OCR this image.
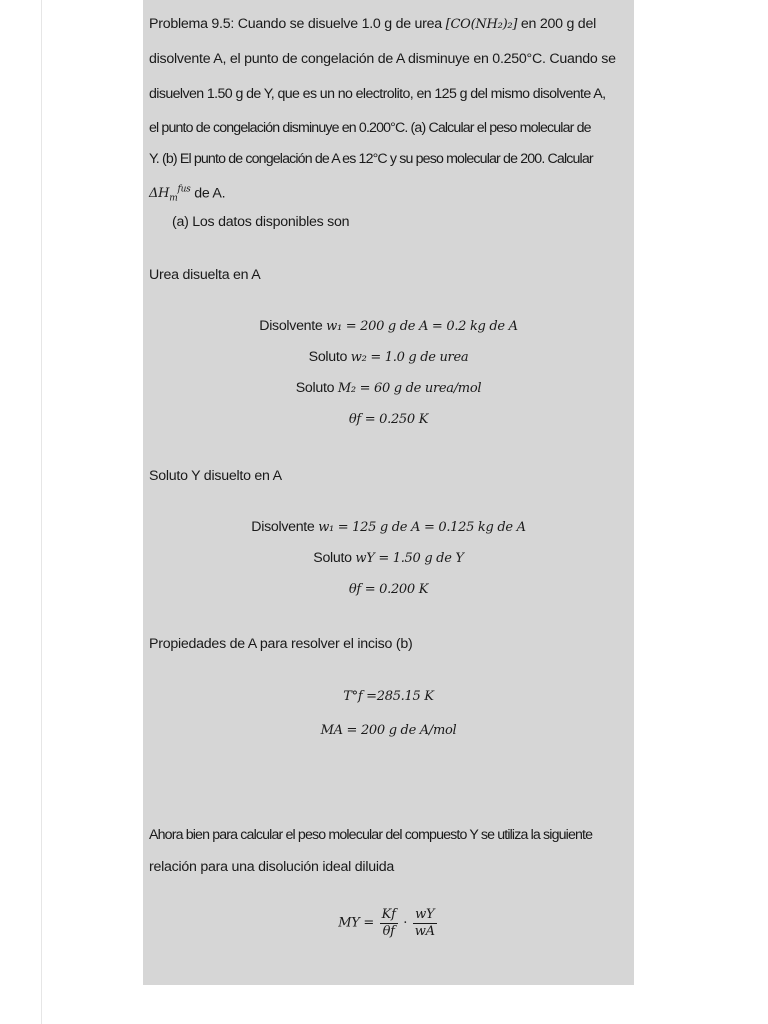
Problema 9.5: Cuando se disuelve 1.0 g de urea [CO(NH₂)₂] en 200 g del
disolvente A, el punto de congelación de A disminuye en 0.250°C. Cuando se
disuelven 1.50 g de Y, que es un no electrolito, en 125 g del mismo disolvente A,
el punto de congelación disminuye en 0.200°C. (a) Calcular el peso molecular de
Y. (b) El punto de congelación de A es 12°C y su peso molecular de 200. Calcular
$\Delta H_m^{fus}$ de A.
(a) Los datos disponibles son
Urea disuelta en A
Disolvente w₁ = 200 g de A = 0.2 kg de A
Soluto w₂ = 1.0 g de urea
Soluto M₂ = 60 g de urea/mol
θf = 0.250 K
Soluto Y disuelto en A
Disolvente w₁ = 125 g de A = 0.125 kg de A
Soluto wY = 1.50 g de Y
θf = 0.200 K
Propiedades de A para resolver el inciso (b)
T°f =285.15 K
MA = 200 g de A/mol
Ahora bien para calcular el peso molecular del compuesto Y se utiliza la siguiente
relación para una disolución ideal diluida
MY = $\frac{Kf}{\theta f} \cdot \frac{wY}{wA}$
